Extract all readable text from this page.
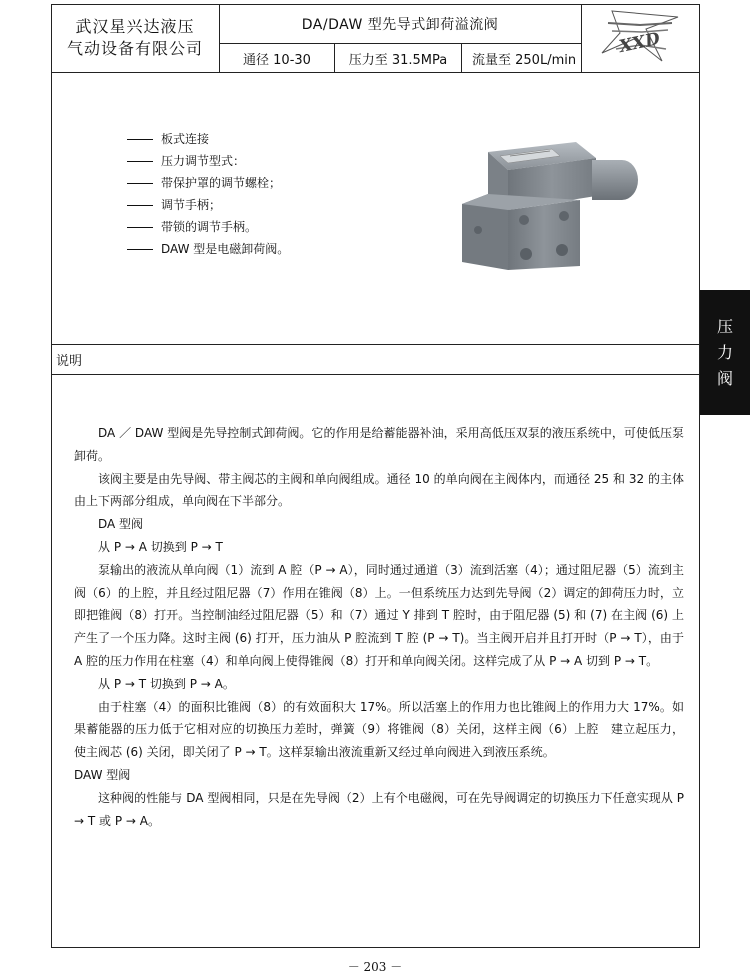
武汉星兴达液压
气动设备有限公司
DA/DAW 型先导式卸荷溢流阀
通径 10-30	压力至 31.5MPa	流量至 250L/min
XXD
板式连接
压力调节型式：
带保护罩的调节螺栓；
调节手柄；
带锁的调节手柄。
DAW 型是电磁卸荷阀。
说明

DA ／ DAW 型阀是先导控制式卸荷阀。它的作用是给蓄能器补油，采用高低压双泵的液压系统中，可使低压泵卸荷。

该阀主要是由先导阀、带主阀芯的主阀和单向阀组成。通径 10 的单向阀在主阀体内，而通径 25 和 32 的主体由上下两部分组成，单向阀在下半部分。

DA 型阀

从 P → A 切换到 P → T

泵输出的液流从单向阀（1）流到 A 腔（P → A），同时通过通道（3）流到活塞（4）；通过阻尼器（5）流到主阀（6）的上腔，并且经过阻尼器（7）作用在锥阀（8）上。一但系统压力达到先导阀（2）调定的卸荷压力时，立即把锥阀（8）打开。当控制油经过阻尼器（5）和（7）通过 Y 排到 T 腔时，由于阻尼器 (5) 和 (7) 在主阀 (6) 上产生了一个压力降。这时主阀 (6) 打开，压力油从 P 腔流到 T 腔 (P → T)。当主阀开启并且打开时（P → T），由于 A 腔的压力作用在柱塞（4）和单向阀上使得锥阀（8）打开和单向阀关闭。这样完成了从 P → A 切到 P → T。

从 P → T 切换到 P → A。

由于柱塞（4）的面积比锥阀（8）的有效面积大 17%。所以活塞上的作用力也比锥阀上的作用力大 17%。如果蓄能器的压力低于它相对应的切换压力差时，弹簧（9）将锥阀（8）关闭，这样主阀（6）上腔　建立起压力，使主阀芯 (6) 关闭，即关闭了 P → T。这样泵输出液流重新又经过单向阀进入到液压系统。

DAW 型阀

这种阀的性能与 DA 型阀相同，只是在先导阀（2）上有个电磁阀，可在先导阀调定的切换压力下任意实现从 P → T 或 P → A。

压
力
阀
－ 203 －
